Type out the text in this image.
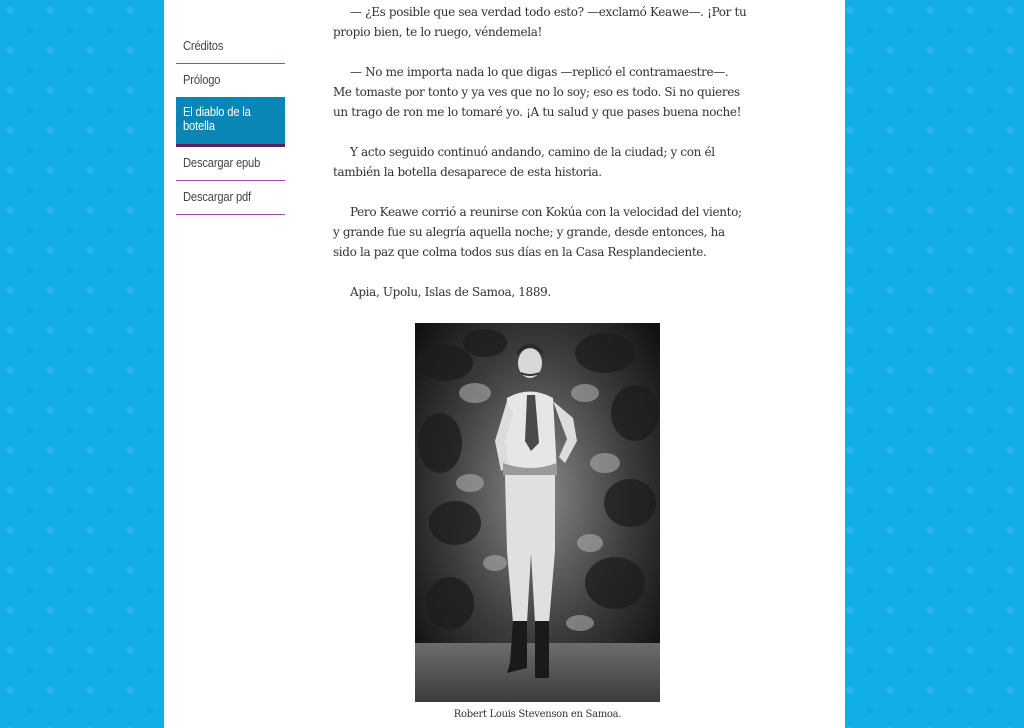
Créditos
Prólogo
El diablo de la botella
Descargar epub
Descargar pdf

— ¿Es posible que sea verdad todo esto? —exclamó Keawe—. ¡Por tu propio bien, te lo ruego, véndemela!

— No me importa nada lo que digas —replicó el contramaestre—. Me tomaste por tonto y ya ves que no lo soy; eso es todo. Si no quieres un trago de ron me lo tomaré yo. ¡A tu salud y que pases buena noche!

Y acto seguido continuó andando, camino de la ciudad; y con él también la botella desaparece de esta historia.

Pero Keawe corrió a reunirse con Kokúa con la velocidad del viento; y grande fue su alegría aquella noche; y grande, desde entonces, ha sido la paz que colma todos sus días en la Casa Resplandeciente.

Apia, Upolu, Islas de Samoa, 1889.

Robert Louis Stevenson en Samoa.
